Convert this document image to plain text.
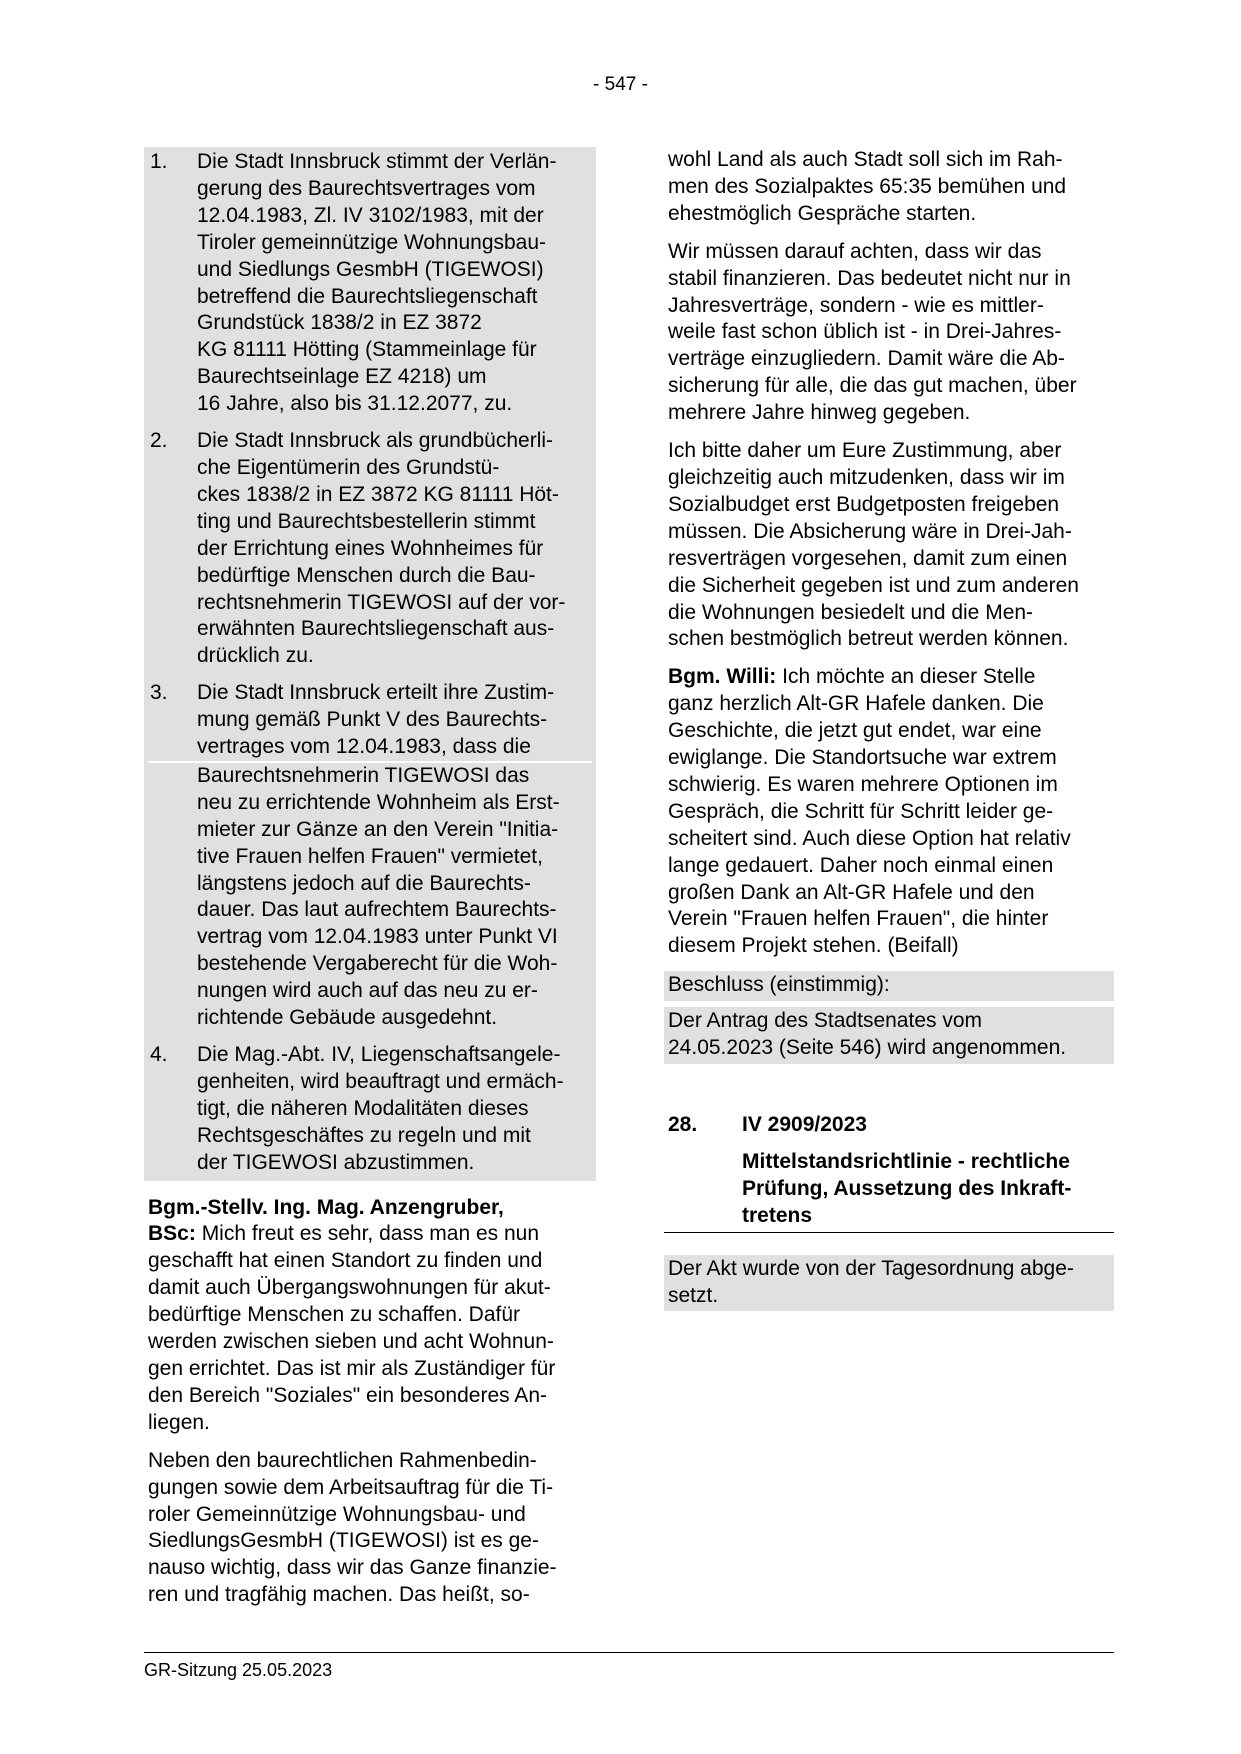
- 547 -
1.	Die Stadt Innsbruck stimmt der Verlän-
gerung des Baurechtsvertrages vom
12.04.1983, Zl. IV 3102/1983, mit der
Tiroler gemeinnützige Wohnungsbau-
und Siedlungs GesmbH (TIGEWOSI)
betreffend die Baurechtsliegenschaft
Grundstück 1838/2 in EZ 3872
KG 81111 Hötting (Stammeinlage für
Baurechtseinlage EZ 4218) um
16 Jahre, also bis 31.12.2077, zu.
2.	Die Stadt Innsbruck als grundbücherli-
che Eigentümerin des Grundstü-
ckes 1838/2 in EZ 3872 KG 81111 Höt-
ting und Baurechtsbestellerin stimmt
der Errichtung eines Wohnheimes für
bedürftige Menschen durch die Bau-
rechtsnehmerin TIGEWOSI auf der vor-
erwähnten Baurechtsliegenschaft aus-
drücklich zu.
3.	Die Stadt Innsbruck erteilt ihre Zustim-
mung gemäß Punkt V des Baurechts-
vertrages vom 12.04.1983, dass die
Baurechtsnehmerin TIGEWOSI das
neu zu errichtende Wohnheim als Erst-
mieter zur Gänze an den Verein "Initia-
tive Frauen helfen Frauen" vermietet,
längstens jedoch auf die Baurechts-
dauer. Das laut aufrechtem Baurechts-
vertrag vom 12.04.1983 unter Punkt VI
bestehende Vergaberecht für die Woh-
nungen wird auch auf das neu zu er-
richtende Gebäude ausgedehnt.
4.	Die Mag.-Abt. IV, Liegenschaftsangele-
genheiten, wird beauftragt und ermäch-
tigt, die näheren Modalitäten dieses
Rechtsgeschäftes zu regeln und mit
der TIGEWOSI abzustimmen.

Bgm.-Stellv. Ing. Mag. Anzengruber,
BSc: Mich freut es sehr, dass man es nun
geschafft hat einen Standort zu finden und
damit auch Übergangswohnungen für akut-
bedürftige Menschen zu schaffen. Dafür
werden zwischen sieben und acht Wohnun-
gen errichtet. Das ist mir als Zuständiger für
den Bereich "Soziales" ein besonderes An-
liegen.

Neben den baurechtlichen Rahmenbedin-
gungen sowie dem Arbeitsauftrag für die Ti-
roler Gemeinnützige Wohnungsbau- und
SiedlungsGesmbH (TIGEWOSI) ist es ge-
nauso wichtig, dass wir das Ganze finanzie-
ren und tragfähig machen. Das heißt, so-

wohl Land als auch Stadt soll sich im Rah-
men des Sozialpaktes 65:35 bemühen und
ehestmöglich Gespräche starten.

Wir müssen darauf achten, dass wir das
stabil finanzieren. Das bedeutet nicht nur in
Jahresverträge, sondern - wie es mittler-
weile fast schon üblich ist - in Drei-Jahres-
verträge einzugliedern. Damit wäre die Ab-
sicherung für alle, die das gut machen, über
mehrere Jahre hinweg gegeben.

Ich bitte daher um Eure Zustimmung, aber
gleichzeitig auch mitzudenken, dass wir im
Sozialbudget erst Budgetposten freigeben
müssen. Die Absicherung wäre in Drei-Jah-
resverträgen vorgesehen, damit zum einen
die Sicherheit gegeben ist und zum anderen
die Wohnungen besiedelt und die Men-
schen bestmöglich betreut werden können.

Bgm. Willi: Ich möchte an dieser Stelle
ganz herzlich Alt-GR Hafele danken. Die
Geschichte, die jetzt gut endet, war eine
ewiglange. Die Standortsuche war extrem
schwierig. Es waren mehrere Optionen im
Gespräch, die Schritt für Schritt leider ge-
scheitert sind. Auch diese Option hat relativ
lange gedauert. Daher noch einmal einen
großen Dank an Alt-GR Hafele und den
Verein "Frauen helfen Frauen", die hinter
diesem Projekt stehen. (Beifall)

Beschluss (einstimmig):
Der Antrag des Stadtsenates vom
24.05.2023 (Seite 546) wird angenommen.
28.	IV 2909/2023
Mittelstandsrichtlinie - rechtliche
Prüfung, Aussetzung des Inkraft-
tretens
Der Akt wurde von der Tagesordnung abge-
setzt.
GR-Sitzung 25.05.2023
